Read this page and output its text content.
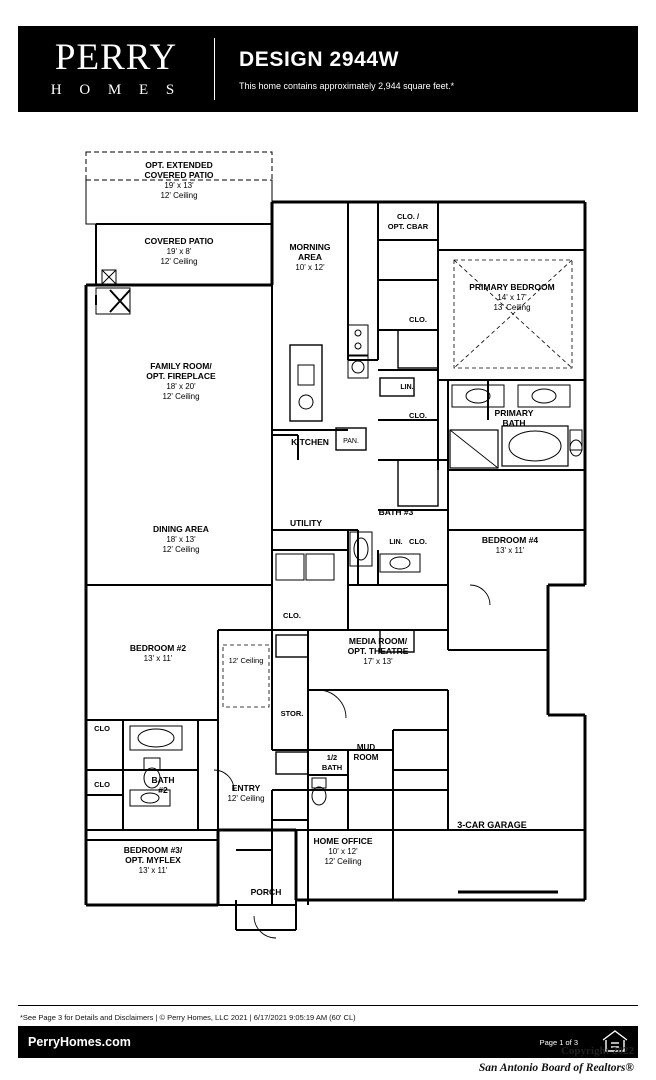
PERRY
H O M E S
DESIGN 2944W
This home contains approximately 2,944 square feet.*
OPT. EXTENDED
COVERED PATIO
19' x 13'
12' Ceiling
COVERED PATIO
19' x 8'
12' Ceiling
FAMILY ROOM/
OPT. FIREPLACE
18' x 20'
12' Ceiling
DINING AREA
18' x 13'
12' Ceiling
MORNING
AREA
10' x 12'
KITCHEN PAN.
CLO. /
OPT. CBAR
CLO.
LIN.
CLO.
LIN. CLO.
CLO.
STOR.
CLO
CLO
PRIMARY BEDROOM
14' x 17'
13' Ceiling
PRIMARY
BATH
BATH #3
UTILITY
BEDROOM #4
13' x 11'
BEDROOM #2
13' x 11'	12' Ceiling
MEDIA ROOM/
OPT. THEATRE
17' x 13'
BATH
#2
BEDROOM #3/
OPT. MYFLEX
13' x 11'
MUD
ROOM
1/2
BATH
ENTRY
12' Ceiling
HOME OFFICE
10' x 12'
12' Ceiling
PORCH
3-CAR GARAGE
*See Page 3 for Details and Disclaimers | © Perry Homes, LLC 2021 | 6/17/2021 9:05:19 AM (60' CL)
PerryHomes.com	Page 1 of 3
Copyright 2022
San Antonio Board of Realtors®
